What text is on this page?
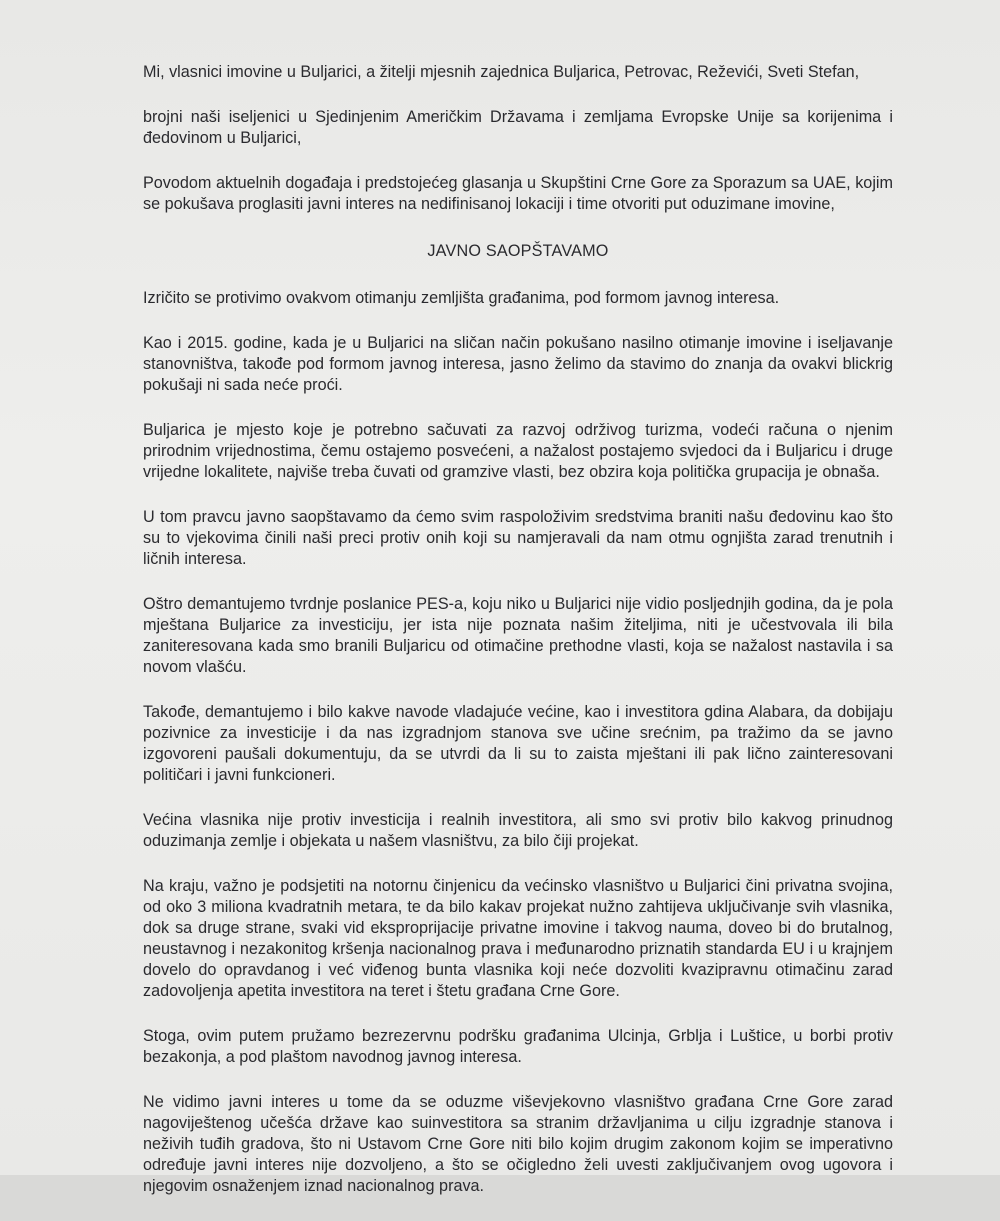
Mi, vlasnici imovine u Buljarici, a žitelji mjesnih zajednica Buljarica, Petrovac, Reževići, Sveti Stefan,

brojni naši iseljenici u Sjedinjenim Američkim Državama i zemljama Evropske Unije sa korijenima i đedovinom u Buljarici,

Povodom aktuelnih događaja i predstojećeg glasanja u Skupštini Crne Gore za Sporazum sa UAE, kojim se pokušava proglasiti javni interes na nedifinisanoj lokaciji i time otvoriti put oduzimane imovine,

JAVNO SAOPŠTAVAMO

Izričito se protivimo ovakvom otimanju zemljišta građanima, pod formom javnog interesa.

Kao i 2015. godine, kada je u Buljarici na sličan način pokušano nasilno otimanje imovine i iseljavanje stanovništva, takođe pod formom javnog interesa, jasno želimo da stavimo do znanja da ovakvi blickrig pokušaji ni sada neće proći.

Buljarica je mjesto koje je potrebno sačuvati za razvoj održivog turizma, vodeći računa o njenim prirodnim vrijednostima, čemu ostajemo posvećeni, a nažalost postajemo svjedoci da i Buljaricu i druge vrijedne lokalitete, najviše treba čuvati od gramzive vlasti, bez obzira koja politička grupacija je obnaša.

U tom pravcu javno saopštavamo da ćemo svim raspoloživim sredstvima braniti našu đedovinu kao što su to vjekovima činili naši preci protiv onih koji su namjeravali da nam otmu ognjišta zarad trenutnih i ličnih interesa.

Oštro demantujemo tvrdnje poslanice PES-a, koju niko u Buljarici nije vidio posljednjih godina, da je pola mještana Buljarice za investiciju, jer ista nije poznata našim žiteljima, niti je učestvovala ili bila zaniteresovana kada smo branili Buljaricu od otimačine prethodne vlasti, koja se nažalost nastavila i sa novom vlašću.

Takođe, demantujemo i bilo kakve navode vladajuće većine, kao i investitora gdina Alabara, da dobijaju pozivnice za investicije i da nas izgradnjom stanova sve učine srećnim, pa tražimo da se javno izgovoreni paušali dokumentuju, da se utvrdi da li su to zaista mještani ili pak lično zainteresovani političari i javni funkcioneri.

Većina vlasnika nije protiv investicija i realnih investitora, ali smo svi protiv bilo kakvog prinudnog oduzimanja zemlje i objekata u našem vlasništvu, za bilo čiji projekat.

Na kraju, važno je podsjetiti na notornu činjenicu da većinsko vlasništvo u Buljarici čini privatna svojina, od oko 3 miliona kvadratnih metara, te da bilo kakav projekat nužno zahtijeva uključivanje svih vlasnika, dok sa druge strane, svaki vid eksproprijacije privatne imovine i takvog nauma, doveo bi do brutalnog, neustavnog i nezakonitog kršenja nacionalnog prava i međunarodno priznatih standarda EU i u krajnjem dovelo do opravdanog i već viđenog bunta vlasnika koji neće dozvoliti kvazipravnu otimačinu zarad zadovoljenja apetita investitora na teret i štetu građana Crne Gore.

Stoga, ovim putem pružamo bezrezervnu podršku građanima Ulcinja, Grblja i Luštice, u borbi protiv bezakonja, a pod plaštom navodnog javnog interesa.

Ne vidimo javni interes u tome da se oduzme viševjekovno vlasništvo građana Crne Gore zarad nagoviještenog učešća države kao suinvestitora sa stranim državljanima u cilju izgradnje stanova i neživih tuđih gradova, što ni Ustavom Crne Gore niti bilo kojim drugim zakonom kojim se imperativno određuje javni interes nije dozvoljeno, a što se očigledno želi uvesti zaključivanjem ovog ugovora i njegovim osnaženjem iznad nacionalnog prava.
